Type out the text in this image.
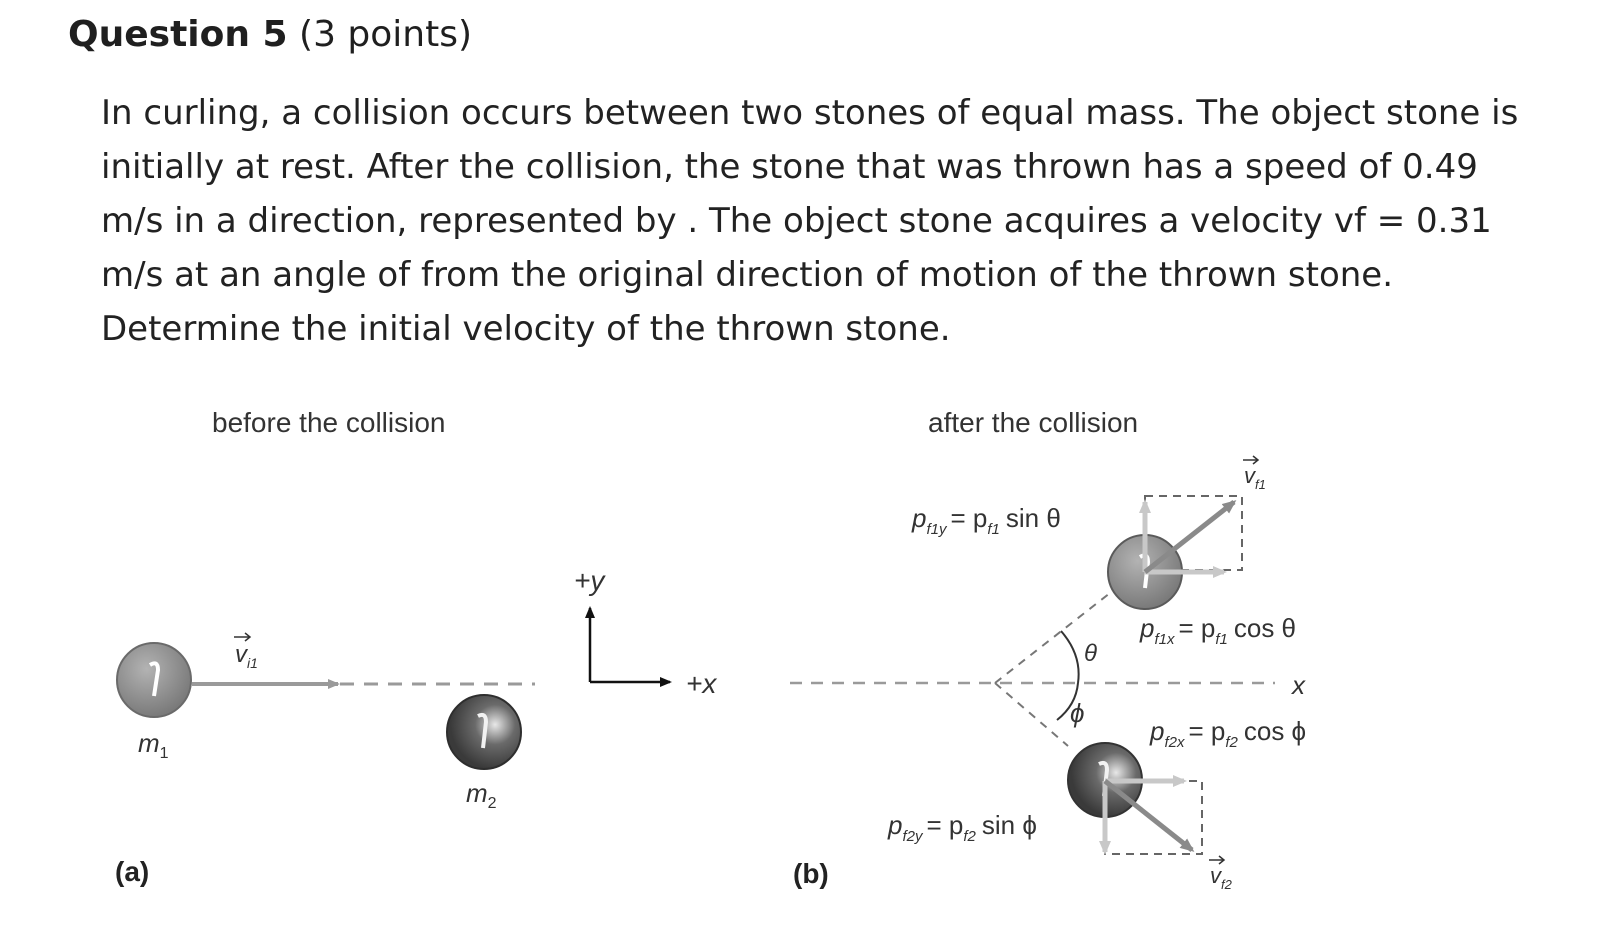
Question 5 (3 points)
In curling, a collision occurs between two stones of equal mass. The object stone is initially at rest. After the collision, the stone that was thrown has a speed of 0.49 m/s in a direction, represented by . The object stone acquires a velocity vf = 0.31 m/s at an angle of from the original direction of motion of the thrown stone. Determine the initial velocity of the thrown stone.
before the collision
$v_{i1}$
$m_1$
$m_2$
(a)
+y
+x
after the collision
x
θ
ϕ
$v_{f1}$
$v_{f2}$
$p_{f1y} = p_{f1}$ sin θ
$p_{f1x} = p_{f1}$ cos θ
$p_{f2x} = p_{f2}$ cos ϕ
$p_{f2y} = p_{f2}$ sin ϕ
(b)
